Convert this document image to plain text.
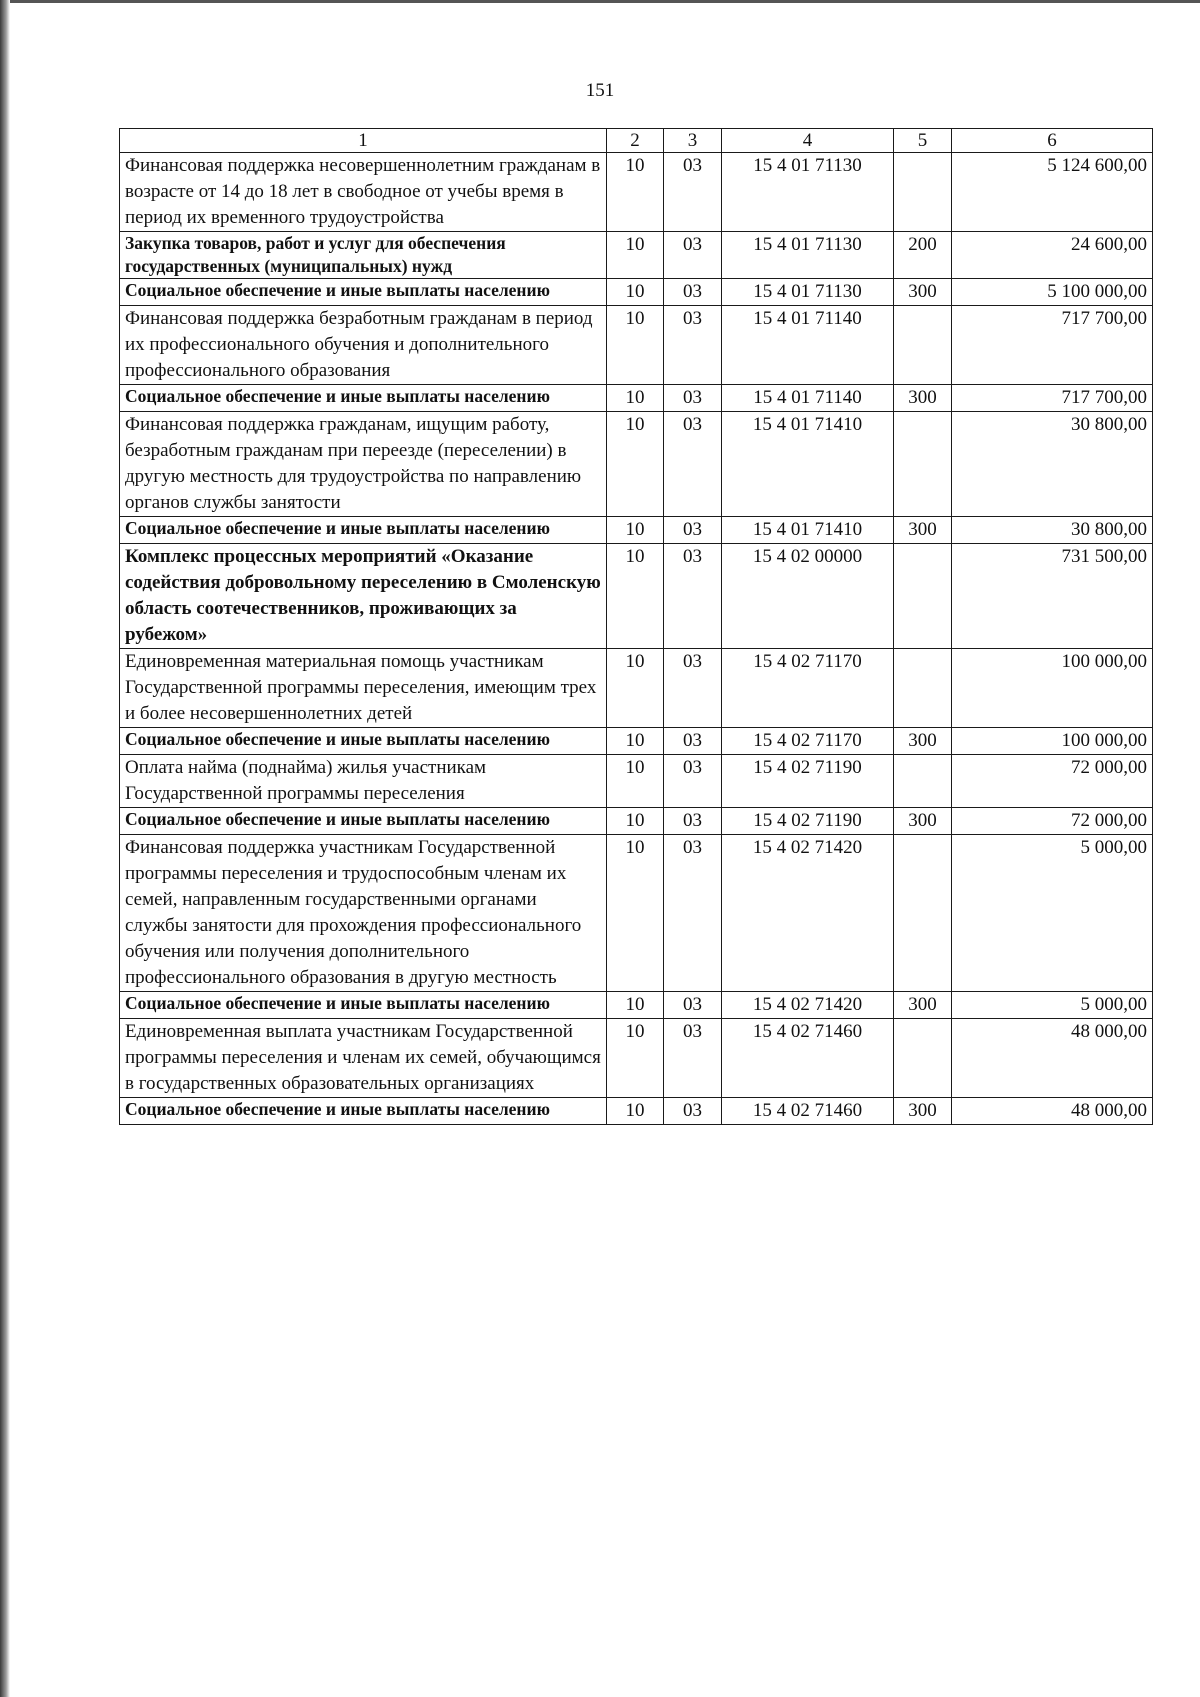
151
1	2	3	4	5	6
Финансовая поддержка несовершеннолетним гражданам в возрасте от 14 до 18 лет в свободное от учебы время в период их временного трудоустройства	10	03	15 4 01 71130		5 124 600,00
Закупка товаров, работ и услуг для обеспечения государственных (муниципальных) нужд	10	03	15 4 01 71130	200	24 600,00
Социальное обеспечение и иные выплаты населению	10	03	15 4 01 71130	300	5 100 000,00
Финансовая поддержка безработным гражданам в период их профессионального обучения и дополнительного профессионального образования	10	03	15 4 01 71140		717 700,00
Социальное обеспечение и иные выплаты населению	10	03	15 4 01 71140	300	717 700,00
Финансовая поддержка гражданам, ищущим работу, безработным гражданам при переезде (переселении) в другую местность для трудоустройства по направлению органов службы занятости	10	03	15 4 01 71410		30 800,00
Социальное обеспечение и иные выплаты населению	10	03	15 4 01 71410	300	30 800,00
Комплекс процессных мероприятий «Оказание содействия добровольному переселению в Смоленскую область соотечественников, проживающих за рубежом»	10	03	15 4 02 00000		731 500,00
Единовременная материальная помощь участникам Государственной программы переселения, имеющим трех и более несовершеннолетних детей	10	03	15 4 02 71170		100 000,00
Социальное обеспечение и иные выплаты населению	10	03	15 4 02 71170	300	100 000,00
Оплата найма (поднайма) жилья участникам Государственной программы переселения	10	03	15 4 02 71190		72 000,00
Социальное обеспечение и иные выплаты населению	10	03	15 4 02 71190	300	72 000,00
Финансовая поддержка участникам Государственной программы переселения и трудоспособным членам их семей, направленным государственными органами службы занятости для прохождения профессионального обучения или получения дополнительного профессионального образования в другую местность	10	03	15 4 02 71420		5 000,00
Социальное обеспечение и иные выплаты населению	10	03	15 4 02 71420	300	5 000,00
Единовременная выплата участникам Государственной программы переселения и членам их семей, обучающимся в государственных образовательных организациях	10	03	15 4 02 71460		48 000,00
Социальное обеспечение и иные выплаты населению	10	03	15 4 02 71460	300	48 000,00
